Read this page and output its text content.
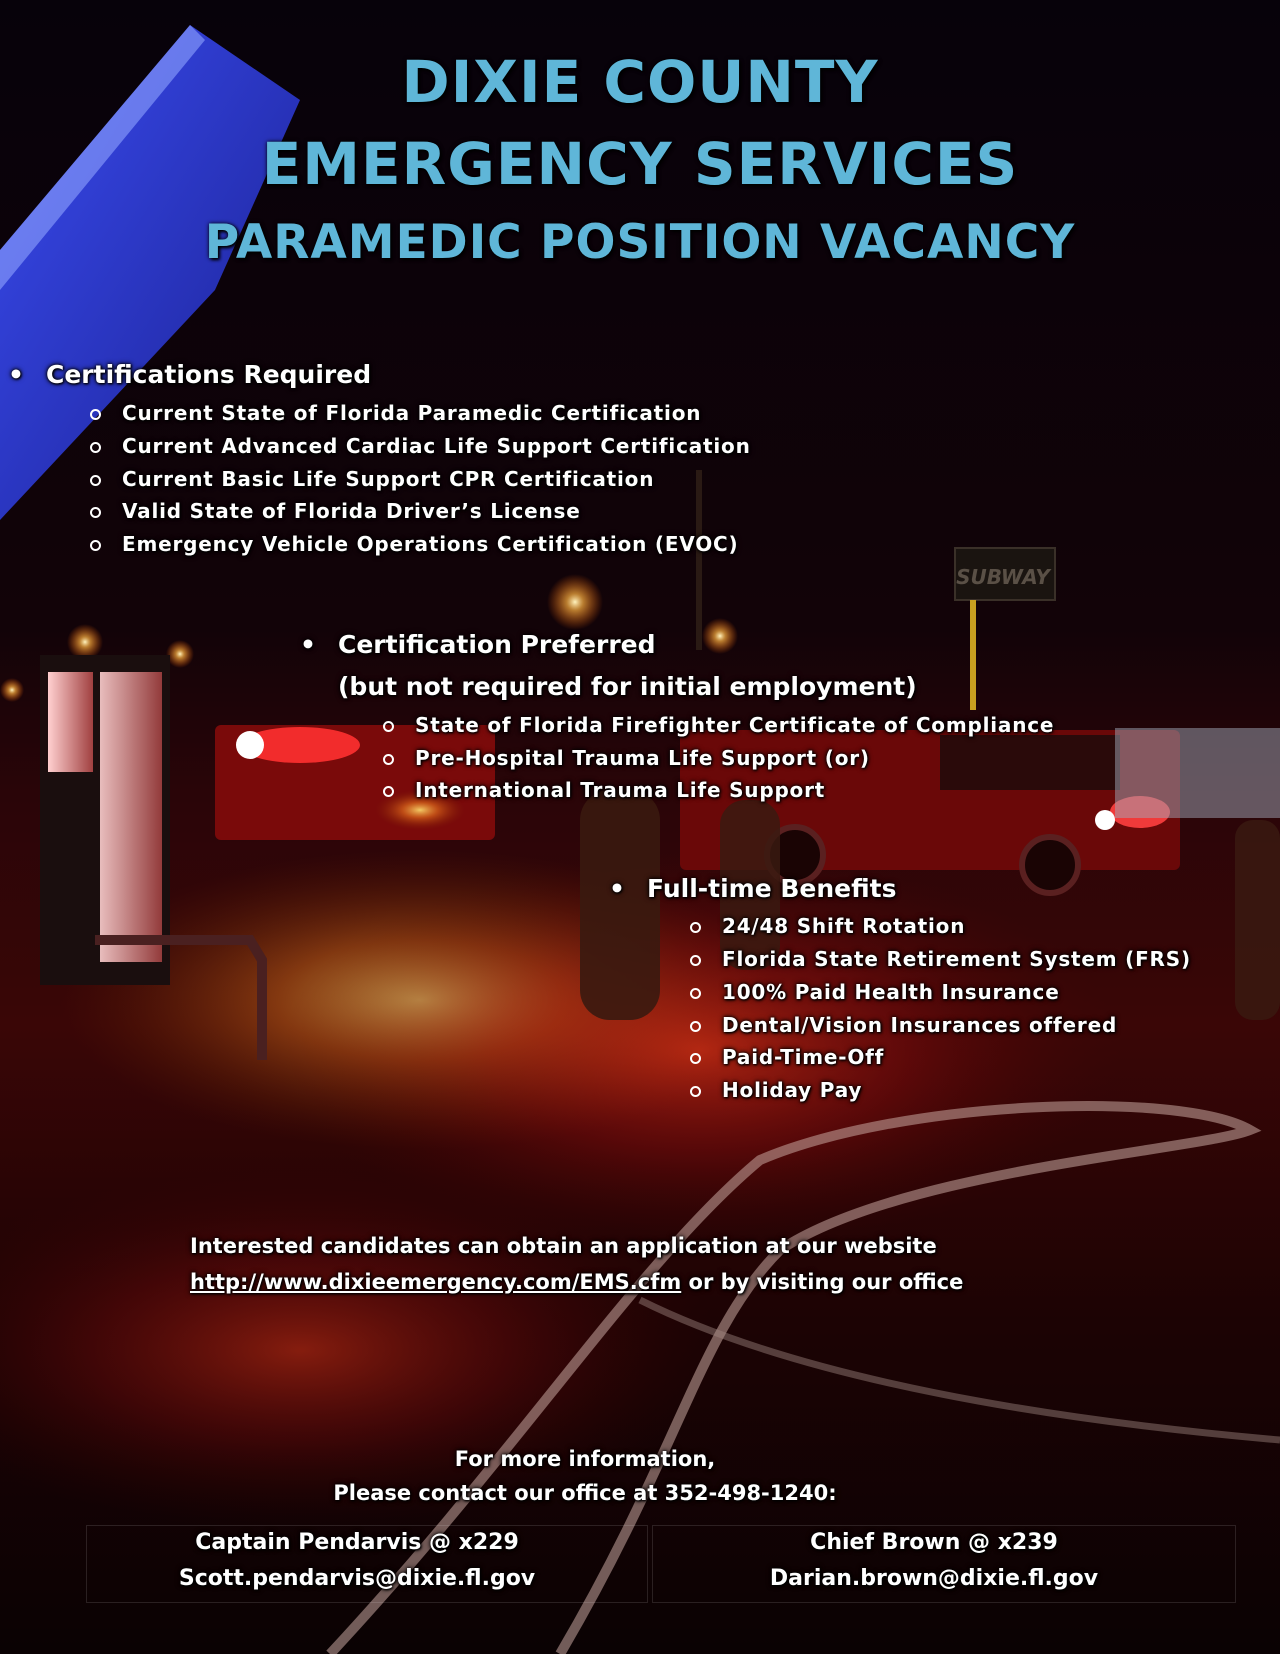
SUBWAY
DIXIE COUNTY
EMERGENCY SERVICES
PARAMEDIC POSITION VACANCY
• Certifications Required
Current State of Florida Paramedic Certification
Current Advanced Cardiac Life Support Certification
Current Basic Life Support CPR Certification
Valid State of Florida Driver’s License
Emergency Vehicle Operations Certification (EVOC)
• Certification Preferred
(but not required for initial employment)
State of Florida Firefighter Certificate of Compliance
Pre-Hospital Trauma Life Support (or)
International Trauma Life Support
• Full-time Benefits
24/48 Shift Rotation
Florida State Retirement System (FRS)
100% Paid Health Insurance
Dental/Vision Insurances offered
Paid-Time-Off
Holiday Pay
Interested candidates can obtain an application at our website http://www.dixieemergency.com/EMS.cfm or by visiting our office
For more information,
Please contact our office at 352-498-1240:
Captain Pendarvis @ x229
Scott.pendarvis@dixie.fl.gov
Chief Brown @ x239
Darian.brown@dixie.fl.gov
